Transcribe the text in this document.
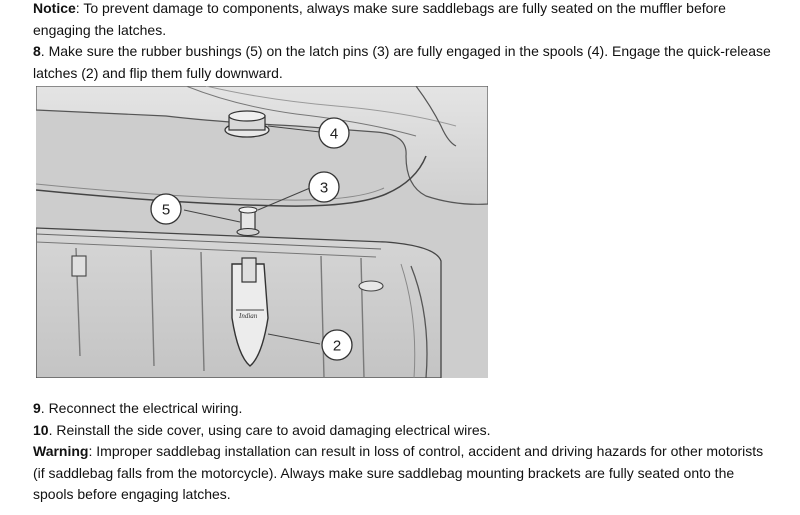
Notice: To prevent damage to components, always make sure saddlebags are fully seated on the muffler before engaging the latches.

8. Make sure the rubber bushings (5) on the latch pins (3) are fully engaged in the spools (4). Engage the quick-release latches (2) and flip them fully downward.

Indian
4
3
5
2

9. Reconnect the electrical wiring.

10. Reinstall the side cover, using care to avoid damaging electrical wires.

Warning: Improper saddlebag installation can result in loss of control, accident and driving hazards for other motorists (if saddlebag falls from the motorcycle). Always make sure saddlebag mounting brackets are fully seated onto the spools before engaging latches.
